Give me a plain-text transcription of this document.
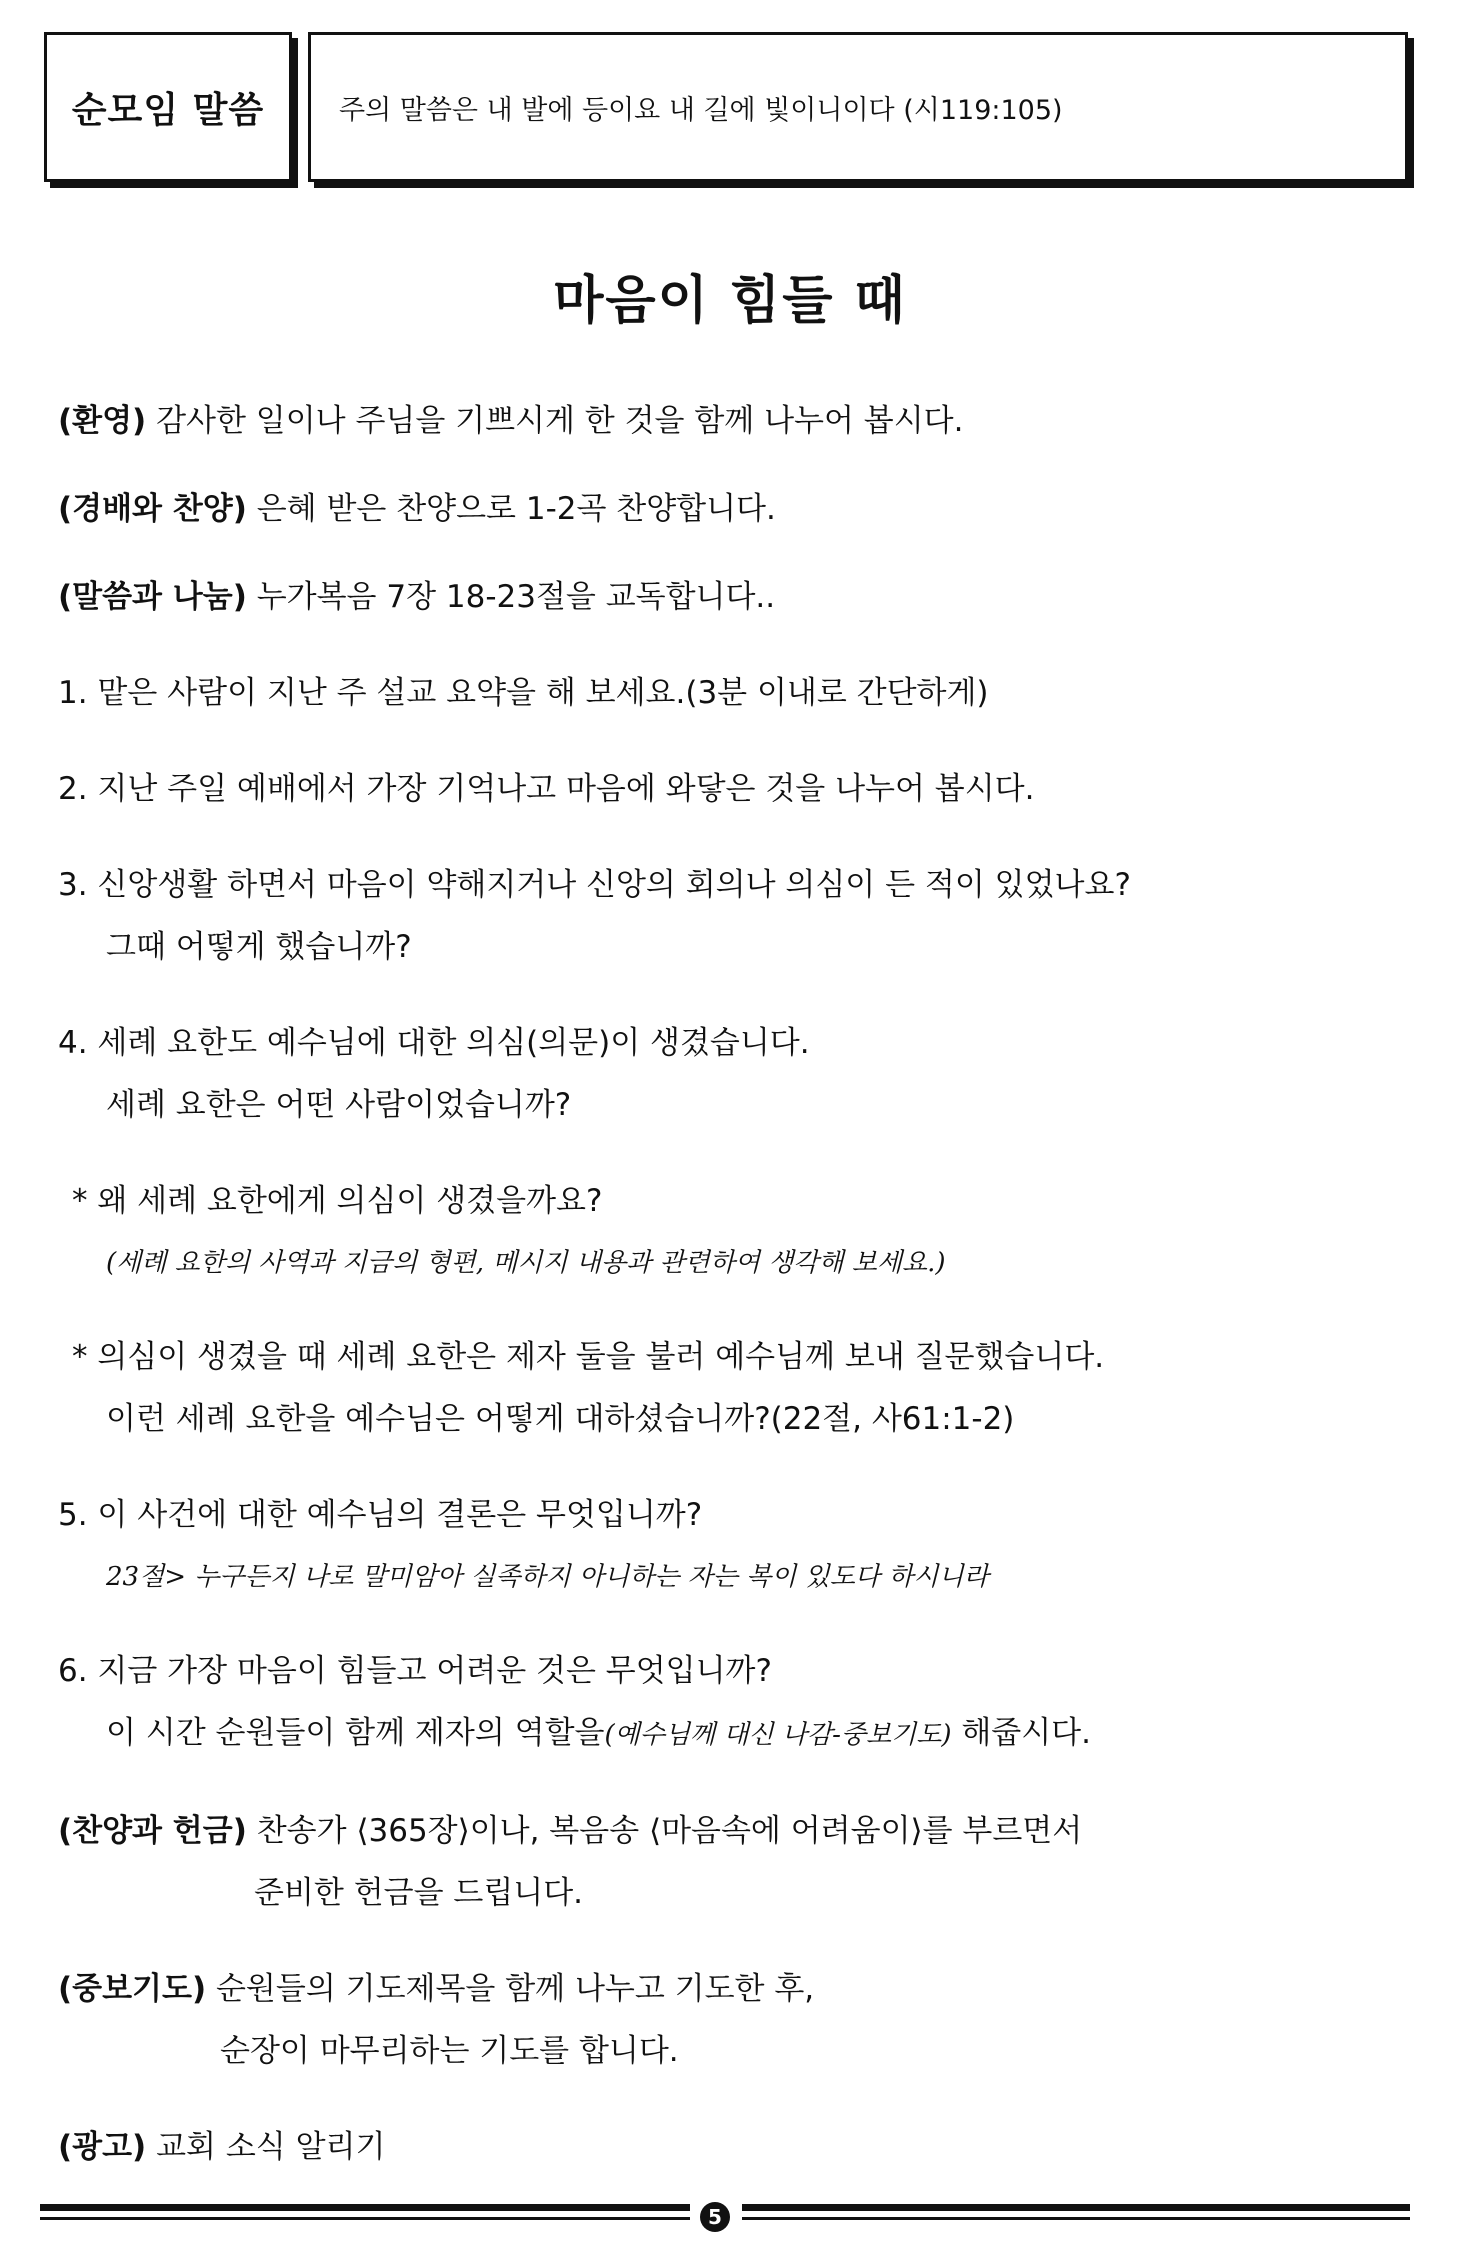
순모임 말씀	주의 말씀은 내 발에 등이요 내 길에 빛이니이다 (시119:105)
마음이 힘들 때

(환영) 감사한 일이나 주님을 기쁘시게 한 것을 함께 나누어 봅시다.

(경배와 찬양) 은혜 받은 찬양으로 1-2곡 찬양합니다.

(말씀과 나눔) 누가복음 7장 18-23절을 교독합니다..

1. 맡은 사람이 지난 주 설교 요약을 해 보세요.(3분 이내로 간단하게)

2. 지난 주일 예배에서 가장 기억나고 마음에 와닿은 것을 나누어 봅시다.

3. 신앙생활 하면서 마음이 약해지거나 신앙의 회의나 의심이 든 적이 있었나요?

그때 어떻게 했습니까?

4. 세례 요한도 예수님에 대한 의심(의문)이 생겼습니다.

세례 요한은 어떤 사람이었습니까?

* 왜 세례 요한에게 의심이 생겼을까요?

(세례 요한의 사역과 지금의 형편, 메시지 내용과 관련하여 생각해 보세요.)

* 의심이 생겼을 때 세례 요한은 제자 둘을 불러 예수님께 보내 질문했습니다.

이런 세례 요한을 예수님은 어떻게 대하셨습니까?(22절, 사61:1-2)

5. 이 사건에 대한 예수님의 결론은 무엇입니까?

23절> 누구든지 나로 말미암아 실족하지 아니하는 자는 복이 있도다 하시니라

6. 지금 가장 마음이 힘들고 어려운 것은 무엇입니까?

이 시간 순원들이 함께 제자의 역할을(예수님께 대신 나감-중보기도) 해줍시다.

(찬양과 헌금) 찬송가 ⟨365장⟩이나, 복음송 ⟨마음속에 어려움이⟩를 부르면서

준비한 헌금을 드립니다.

(중보기도) 순원들의 기도제목을 함께 나누고 기도한 후,

순장이 마무리하는 기도를 합니다.

(광고) 교회 소식 알리기

5
